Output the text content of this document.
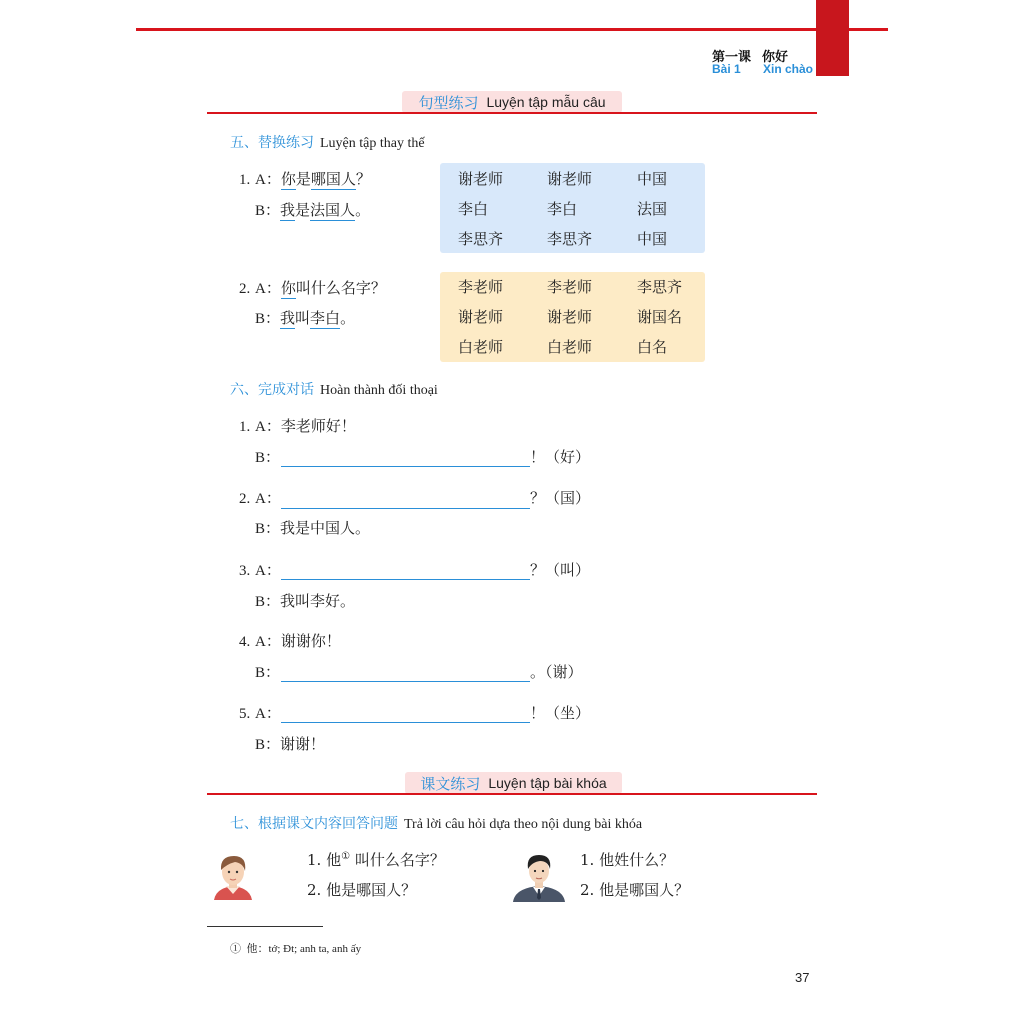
第一课 你好
Bài 1 Xin chào
句型练习 Luyện tập mẫu câu
五、替换练习 Luyện tập thay thế
1. A：你是哪国人？
B：我是法国人。
谢老师	谢老师	中国
李白	李白	法国
李思齐	李思齐	中国
2. A：你叫什么名字？
B：我叫李白。
李老师	李老师	李思齐
谢老师	谢老师	谢国名
白老师	白老师	白名
六、完成对话 Hoàn thành đối thoại
1. A：李老师好！
B：	！（好）
2. A：	？（国）
B：我是中国人。
3. A：	？（叫）
B：我叫李好。
4. A：谢谢你！
B：	。（谢）
5. A：	！（坐）
B：谢谢！
课文练习 Luyện tập bài khóa
七、根据课文内容回答问题 Trả lời câu hỏi dựa theo nội dung bài khóa
1. 他① 叫什么名字？
2. 他是哪国人？
1. 他姓什么？
2. 他是哪国人？
① 他：tớ; Đt; anh ta, anh ấy
37
